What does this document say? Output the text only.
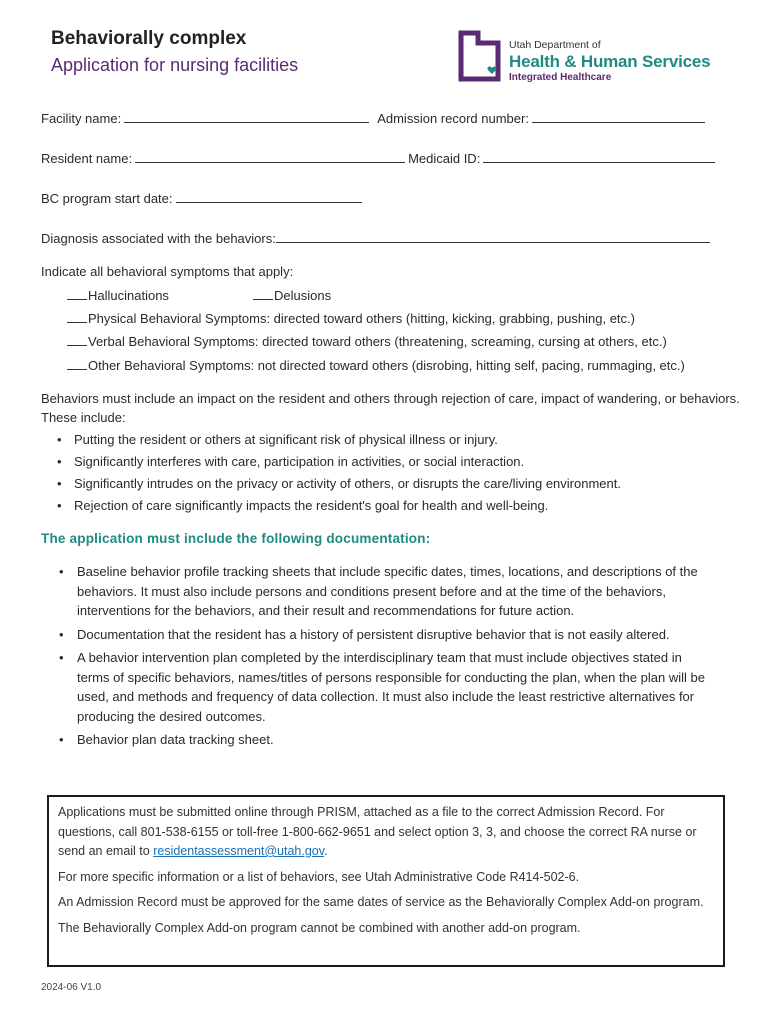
Behaviorally complex
Application for nursing facilities
Utah Department of
Health & Human Services
Integrated Healthcare
Facility name:	Admission record number:
Resident name:	Medicaid ID:
BC program start date:
Diagnosis associated with the behaviors:
Indicate all behavioral symptoms that apply:
Hallucinations	Delusions
Physical Behavioral Symptoms: directed toward others (hitting, kicking, grabbing, pushing, etc.)
Verbal Behavioral Symptoms: directed toward others (threatening, screaming, cursing at others, etc.)
Other Behavioral Symptoms: not directed toward others (disrobing, hitting self, pacing, rummaging, etc.)
Behaviors must include an impact on the resident and others through rejection of care, impact of wandering, or behaviors. These include:
• Putting the resident or others at significant risk of physical illness or injury.
• Significantly interferes with care, participation in activities, or social interaction.
• Significantly intrudes on the privacy or activity of others, or disrupts the care/living environment.
• Rejection of care significantly impacts the resident's goal for health and well-being.
The application must include the following documentation:
• Baseline behavior profile tracking sheets that include specific dates, times, locations, and descriptions of the behaviors. It must also include persons and conditions present before and at the time of the behaviors, interventions for the behaviors, and their result and recommendations for future action.
• Documentation that the resident has a history of persistent disruptive behavior that is not easily altered.
• A behavior intervention plan completed by the interdisciplinary team that must include objectives stated in terms of specific behaviors, names/titles of persons responsible for conducting the plan, when the plan will be used, and methods and frequency of data collection. It must also include the least restrictive alternatives for producing the desired outcomes.
• Behavior plan data tracking sheet.

Applications must be submitted online through PRISM, attached as a file to the correct Admission Record. For questions, call 801-538-6155 or toll-free 1-800-662-9651 and select option 3, 3, and choose the correct RA nurse or send an email to residentassessment@utah.gov.

For more specific information or a list of behaviors, see Utah Administrative Code R414-502-6.

An Admission Record must be approved for the same dates of service as the Behaviorally Complex Add-on program.

The Behaviorally Complex Add-on program cannot be combined with another add-on program.

2024-06 V1.0
